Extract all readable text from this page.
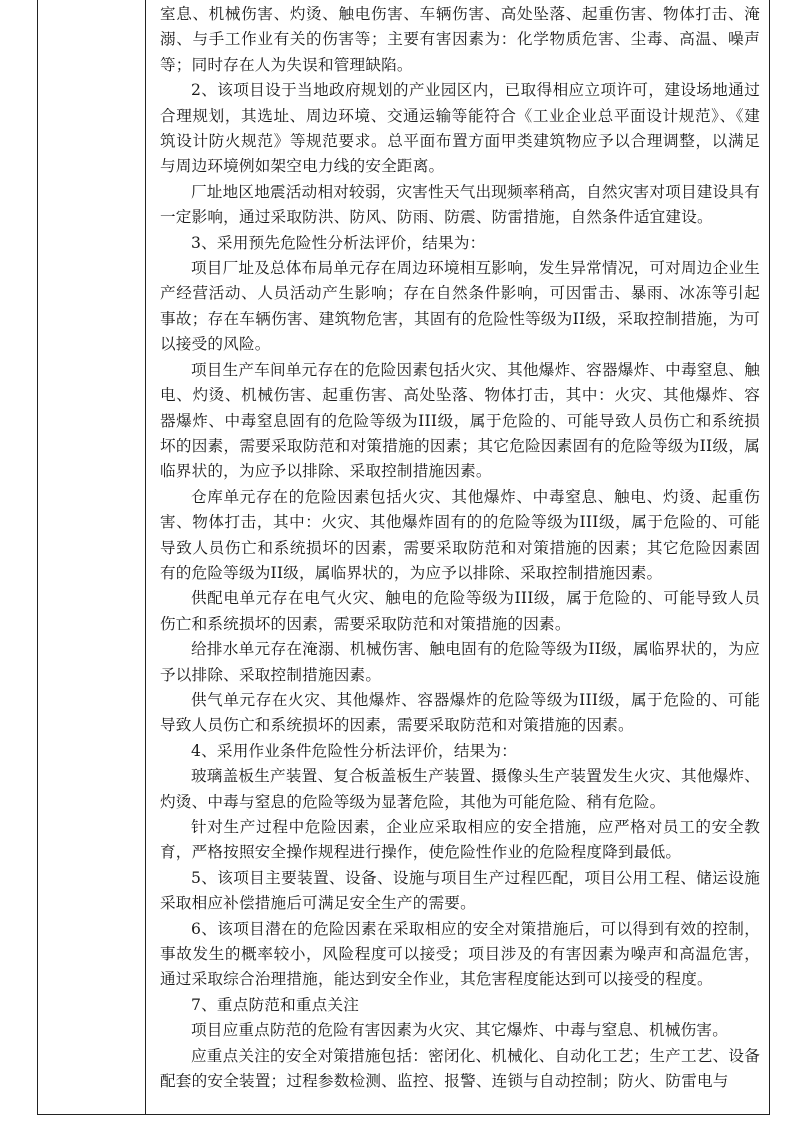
室息、机械伤害、灼烫、触电伤害、车辆伤害、高处坠落、起重伤害、物体打击、淹溺、与手工作业有关的伤害等；主要有害因素为：化学物质危害、尘毒、高温、噪声等；同时存在人为失误和管理缺陷。

2、该项目设于当地政府规划的产业园区内，已取得相应立项许可，建设场地通过合理规划，其选址、周边环境、交通运输等能符合《工业企业总平面设计规范》、《建筑设计防火规范》等规范要求。总平面布置方面甲类建筑物应予以合理调整，以满足与周边环境例如架空电力线的安全距离。

厂址地区地震活动相对较弱，灾害性天气出现频率稍高，自然灾害对项目建设具有一定影响，通过采取防洪、防风、防雨、防震、防雷措施，自然条件适宜建设。

3、采用预先危险性分析法评价，结果为：

项目厂址及总体布局单元存在周边环境相互影响，发生异常情况，可对周边企业生产经营活动、人员活动产生影响；存在自然条件影响，可因雷击、暴雨、冰冻等引起事故；存在车辆伤害、建筑物危害，其固有的危险性等级为II级，采取控制措施，为可以接受的风险。

项目生产车间单元存在的危险因素包括火灾、其他爆炸、容器爆炸、中毒窒息、触电、灼烫、机械伤害、起重伤害、高处坠落、物体打击，其中：火灾、其他爆炸、容器爆炸、中毒窒息固有的危险等级为III级，属于危险的、可能导致人员伤亡和系统损坏的因素，需要采取防范和对策措施的因素；其它危险因素固有的危险等级为II级，属临界状的，为应予以排除、采取控制措施因素。

仓库单元存在的危险因素包括火灾、其他爆炸、中毒窒息、触电、灼烫、起重伤害、物体打击，其中：火灾、其他爆炸固有的的危险等级为III级，属于危险的、可能导致人员伤亡和系统损坏的因素，需要采取防范和对策措施的因素；其它危险因素固有的危险等级为II级，属临界状的，为应予以排除、采取控制措施因素。

供配电单元存在电气火灾、触电的危险等级为III级，属于危险的、可能导致人员伤亡和系统损坏的因素，需要采取防范和对策措施的因素。

给排水单元存在淹溺、机械伤害、触电固有的危险等级为II级，属临界状的，为应予以排除、采取控制措施因素。

供气单元存在火灾、其他爆炸、容器爆炸的危险等级为III级，属于危险的、可能导致人员伤亡和系统损坏的因素，需要采取防范和对策措施的因素。

4、采用作业条件危险性分析法评价，结果为：

玻璃盖板生产装置、复合板盖板生产装置、摄像头生产装置发生火灾、其他爆炸、灼烫、中毒与窒息的危险等级为显著危险，其他为可能危险、稍有危险。

针对生产过程中危险因素，企业应采取相应的安全措施，应严格对员工的安全教育，严格按照安全操作规程进行操作，使危险性作业的危险程度降到最低。

5、该项目主要装置、设备、设施与项目生产过程匹配，项目公用工程、储运设施采取相应补偿措施后可满足安全生产的需要。

6、该项目潜在的危险因素在采取相应的安全对策措施后，可以得到有效的控制，事故发生的概率较小，风险程度可以接受；项目涉及的有害因素为噪声和高温危害，通过采取综合治理措施，能达到安全作业，其危害程度能达到可以接受的程度。

7、重点防范和重点关注

项目应重点防范的危险有害因素为火灾、其它爆炸、中毒与窒息、机械伤害。

应重点关注的安全对策措施包括：密闭化、机械化、自动化工艺；生产工艺、设备配套的安全装置；过程参数检测、监控、报警、连锁与自动控制；防火、防雷电与
